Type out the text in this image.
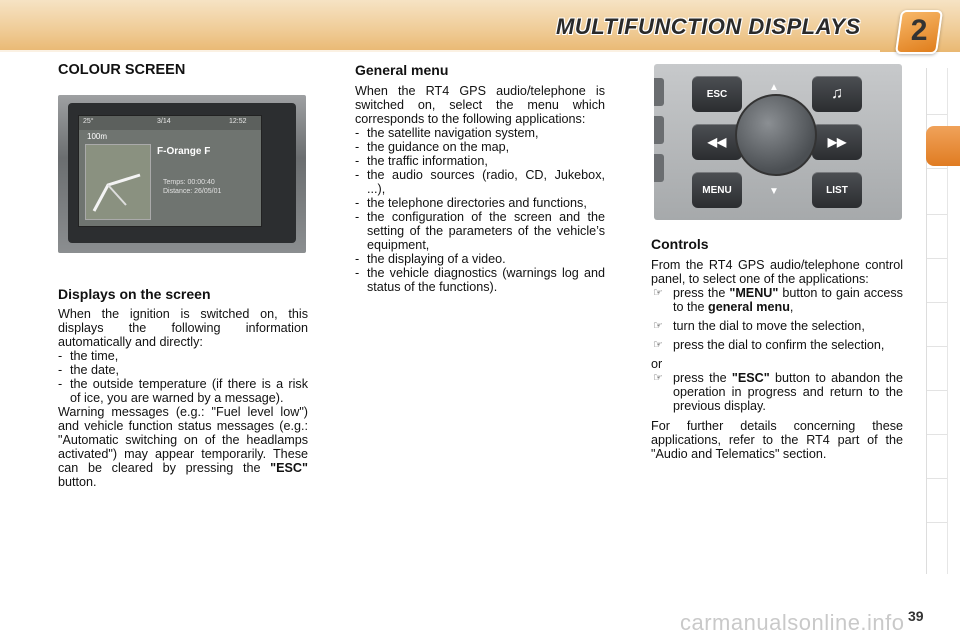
MULTIFUNCTION DISPLAYS	2
COLOUR SCREEN
25°	3/14	12:52
100m
F-Orange F
Temps: 00:00:40
Distance: 26/05/01
Displays on the screen
When the ignition is switched on, this displays the following information automatically and directly:
- the time,
- the date,
- the outside temperature (if there is a risk of ice, you are warned by a message).
Warning messages (e.g.: "Fuel level low") and vehicle function status messages (e.g.: "Automatic switching on of the headlamps activated") may appear temporarily. These can be cleared by pressing the "ESC" button.
General menu
When the RT4 GPS audio/telephone is switched on, select the menu which corresponds to the following applications:
- the satellite navigation system,
- the guidance on the map,
- the traffic information,
- the audio sources (radio, CD, Jukebox, ...),
- the telephone directories and functions,
- the configuration of the screen and the setting of the parameters of the vehicle’s equipment,
- the displaying of a video.
- the vehicle diagnostics (warnings log and status of the functions).
ESC	♫
◀◀	▶▶
MENU	LIST
▲
▼
Controls
From the RT4 GPS audio/telephone control panel, to select one of the applications:
☞ press the "MENU" button to gain access to the general menu,
☞ turn the dial to move the selection,
☞ press the dial to confirm the selection,
or
☞ press the "ESC" button to abandon the operation in progress and return to the previous display.
For further details concerning these applications, refer to the RT4 part of the "Audio and Telematics" section.
carmanualsonline.info 39
